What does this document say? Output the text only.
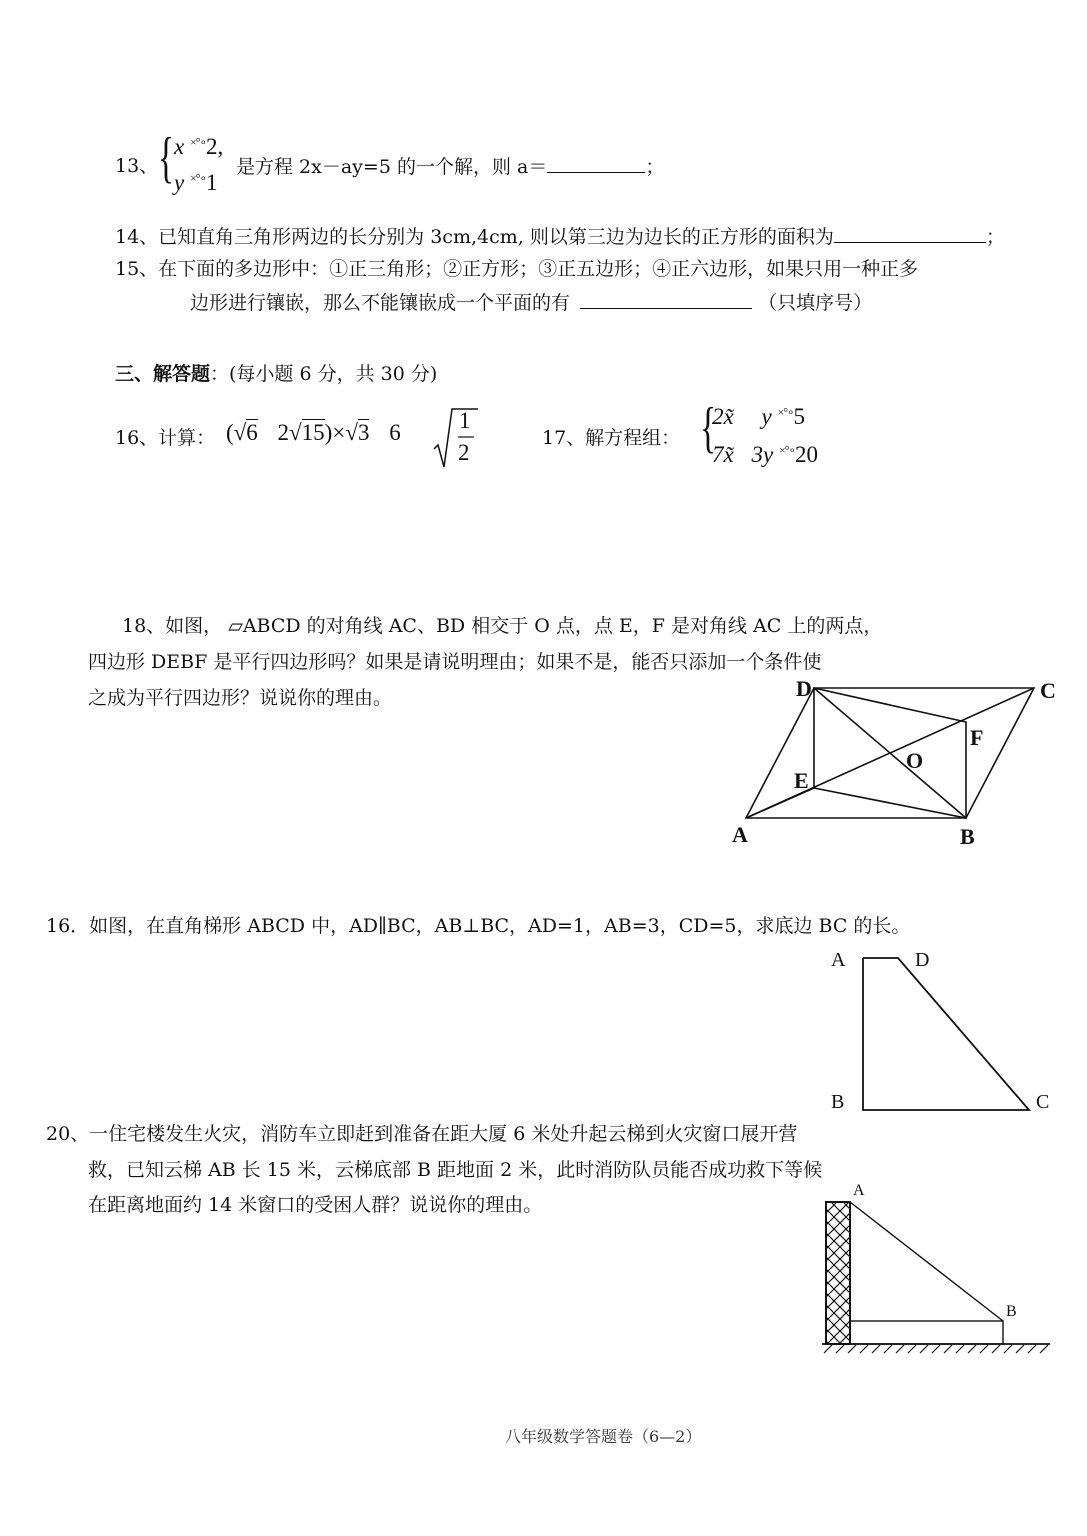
13、 { x ×°∘2,
y ×°∘1
是方程 2x－ay=5 的一个解，则 a＝	；
14、已知直角三角形两边的长分别为 3cm,4cm, 则以第三边为边长的正方形的面积为	；
15、在下面的多边形中：①正三角形；②正方形；③正五边形；④正六边形，如果只用一种正多
边形进行镶嵌，那么不能镶嵌成一个平面的有	（只填序号）
三、解答题：(每小题 6 分，共 30 分)
16、计算： (√6 2√15)×√3 6	1
2
17、解方程组： {
2x̃ y ×°∘5
7x̃ 3y ×°∘20
18、如图， ▱ABCD 的对角线 AC、BD 相交于 O 点，点 E，F 是对角线 AC 上的两点，
四边形 DEBF 是平行四边形吗？如果是请说明理由；如果不是，能否只添加一个条件使
之成为平行四边形？说说你的理由。	D	C
F
O
E
A	B
16．如图，在直角梯形 ABCD 中，AD∥BC，AB⊥BC，AD=1，AB=3，CD=5，求底边 BC 的长。
A	D
B	C
20、一住宅楼发生火灾，消防车立即赶到准备在距大厦 6 米处升起云梯到火灾窗口展开营
救，已知云梯 AB 长 15 米，云梯底部 B 距地面 2 米，此时消防队员能否成功救下等候
在距离地面约 14 米窗口的受困人群？说说你的理由。
A
B
八年级数学答题卷（6—2）
